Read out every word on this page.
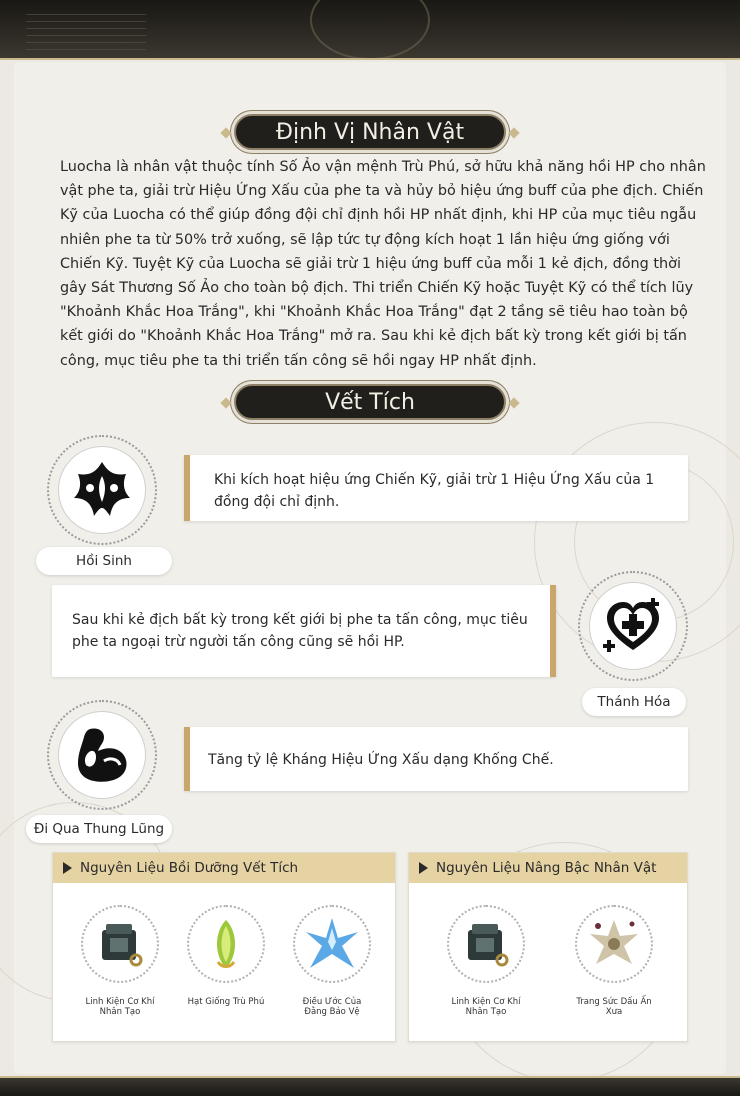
Định Vị Nhân Vật

Luocha là nhân vật thuộc tính Số Ảo vận mệnh Trù Phú, sở hữu khả năng hồi HP cho nhân vật phe ta, giải trừ Hiệu Ứng Xấu của phe ta và hủy bỏ hiệu ứng buff của phe địch. Chiến Kỹ của Luocha có thể giúp đồng đội chỉ định hồi HP nhất định, khi HP của mục tiêu ngẫu nhiên phe ta từ 50% trở xuống, sẽ lập tức tự động kích hoạt 1 lần hiệu ứng giống với Chiến Kỹ. Tuyệt Kỹ của Luocha sẽ giải trừ 1 hiệu ứng buff của mỗi 1 kẻ địch, đồng thời gây Sát Thương Số Ảo cho toàn bộ địch. Thi triển Chiến Kỹ hoặc Tuyệt Kỹ có thể tích lũy "Khoảnh Khắc Hoa Trắng", khi "Khoảnh Khắc Hoa Trắng" đạt 2 tầng sẽ tiêu hao toàn bộ kết giới do "Khoảnh Khắc Hoa Trắng" mở ra. Sau khi kẻ địch bất kỳ trong kết giới bị tấn công, mục tiêu phe ta thi triển tấn công sẽ hồi ngay HP nhất định.

Vết Tích
Hồi Sinh
Khi kích hoạt hiệu ứng Chiến Kỹ, giải trừ 1 Hiệu Ứng Xấu của 1 đồng đội chỉ định.
Sau khi kẻ địch bất kỳ trong kết giới bị phe ta tấn công, mục tiêu phe ta ngoại trừ người tấn công cũng sẽ hồi HP.
Thánh Hóa
Đi Qua Thung Lũng
Tăng tỷ lệ Kháng Hiệu Ứng Xấu dạng Khống Chế.
Nguyên Liệu Bồi Dưỡng Vết Tích
Linh Kiện Cơ Khí Nhân Tạo
Hạt Giống Trù Phú	Điều Ước Của Đằng Bảo Vệ
Nguyên Liệu Nâng Bậc Nhân Vật
Linh Kiện Cơ Khí Nhân Tạo
Trang Sức Dấu Ấn Xưa
